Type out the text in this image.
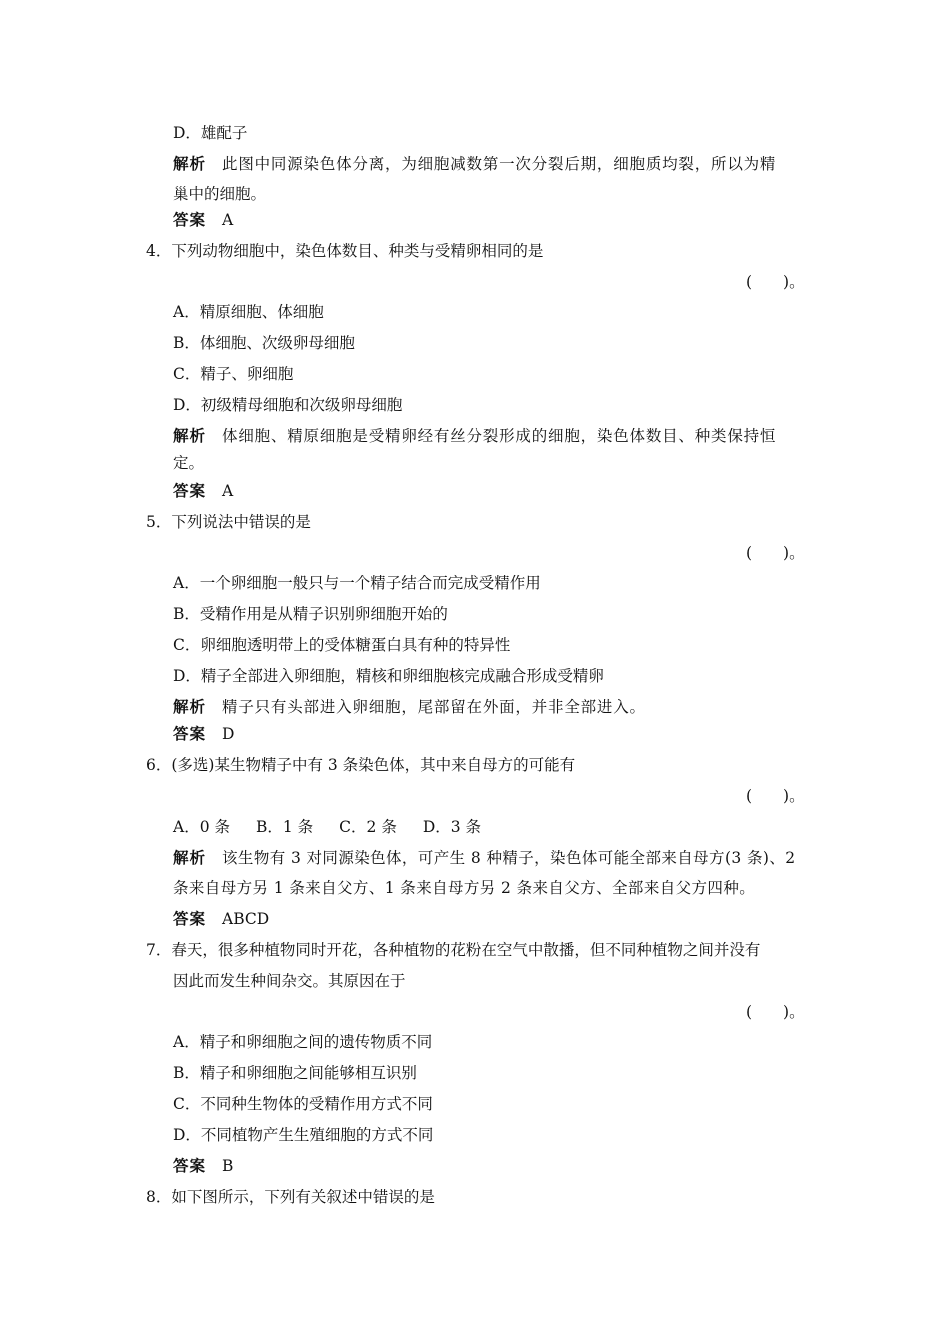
D．雄配子
解析 此图中同源染色体分离，为细胞减数第一次分裂后期，细胞质均裂，所以为精
巢中的细胞。
答案 A
4．下列动物细胞中，染色体数目、种类与受精卵相同的是
(　　)。
A．精原细胞、体细胞
B．体细胞、次级卵母细胞
C．精子、卵细胞
D．初级精母细胞和次级卵母细胞
解析 体细胞、精原细胞是受精卵经有丝分裂形成的细胞，染色体数目、种类保持恒
定。
答案 A
5．下列说法中错误的是
(　　)。
A．一个卵细胞一般只与一个精子结合而完成受精作用
B．受精作用是从精子识别卵细胞开始的
C．卵细胞透明带上的受体糖蛋白具有种的特异性
D．精子全部进入卵细胞，精核和卵细胞核完成融合形成受精卵
解析 精子只有头部进入卵细胞，尾部留在外面，并非全部进入。
答案 D
6．(多选)某生物精子中有 3 条染色体，其中来自母方的可能有
(　　)。
A．0 条 B．1 条 C．2 条 D．3 条
解析 该生物有 3 对同源染色体，可产生 8 种精子，染色体可能全部来自母方(3 条)、2
条来自母方另 1 条来自父方、1 条来自母方另 2 条来自父方、全部来自父方四种。
答案 ABCD
7．春天，很多种植物同时开花，各种植物的花粉在空气中散播，但不同种植物之间并没有
因此而发生种间杂交。其原因在于
(　　)。
A．精子和卵细胞之间的遗传物质不同
B．精子和卵细胞之间能够相互识别
C．不同种生物体的受精作用方式不同
D．不同植物产生生殖细胞的方式不同
答案 B
8．如下图所示，下列有关叙述中错误的是
